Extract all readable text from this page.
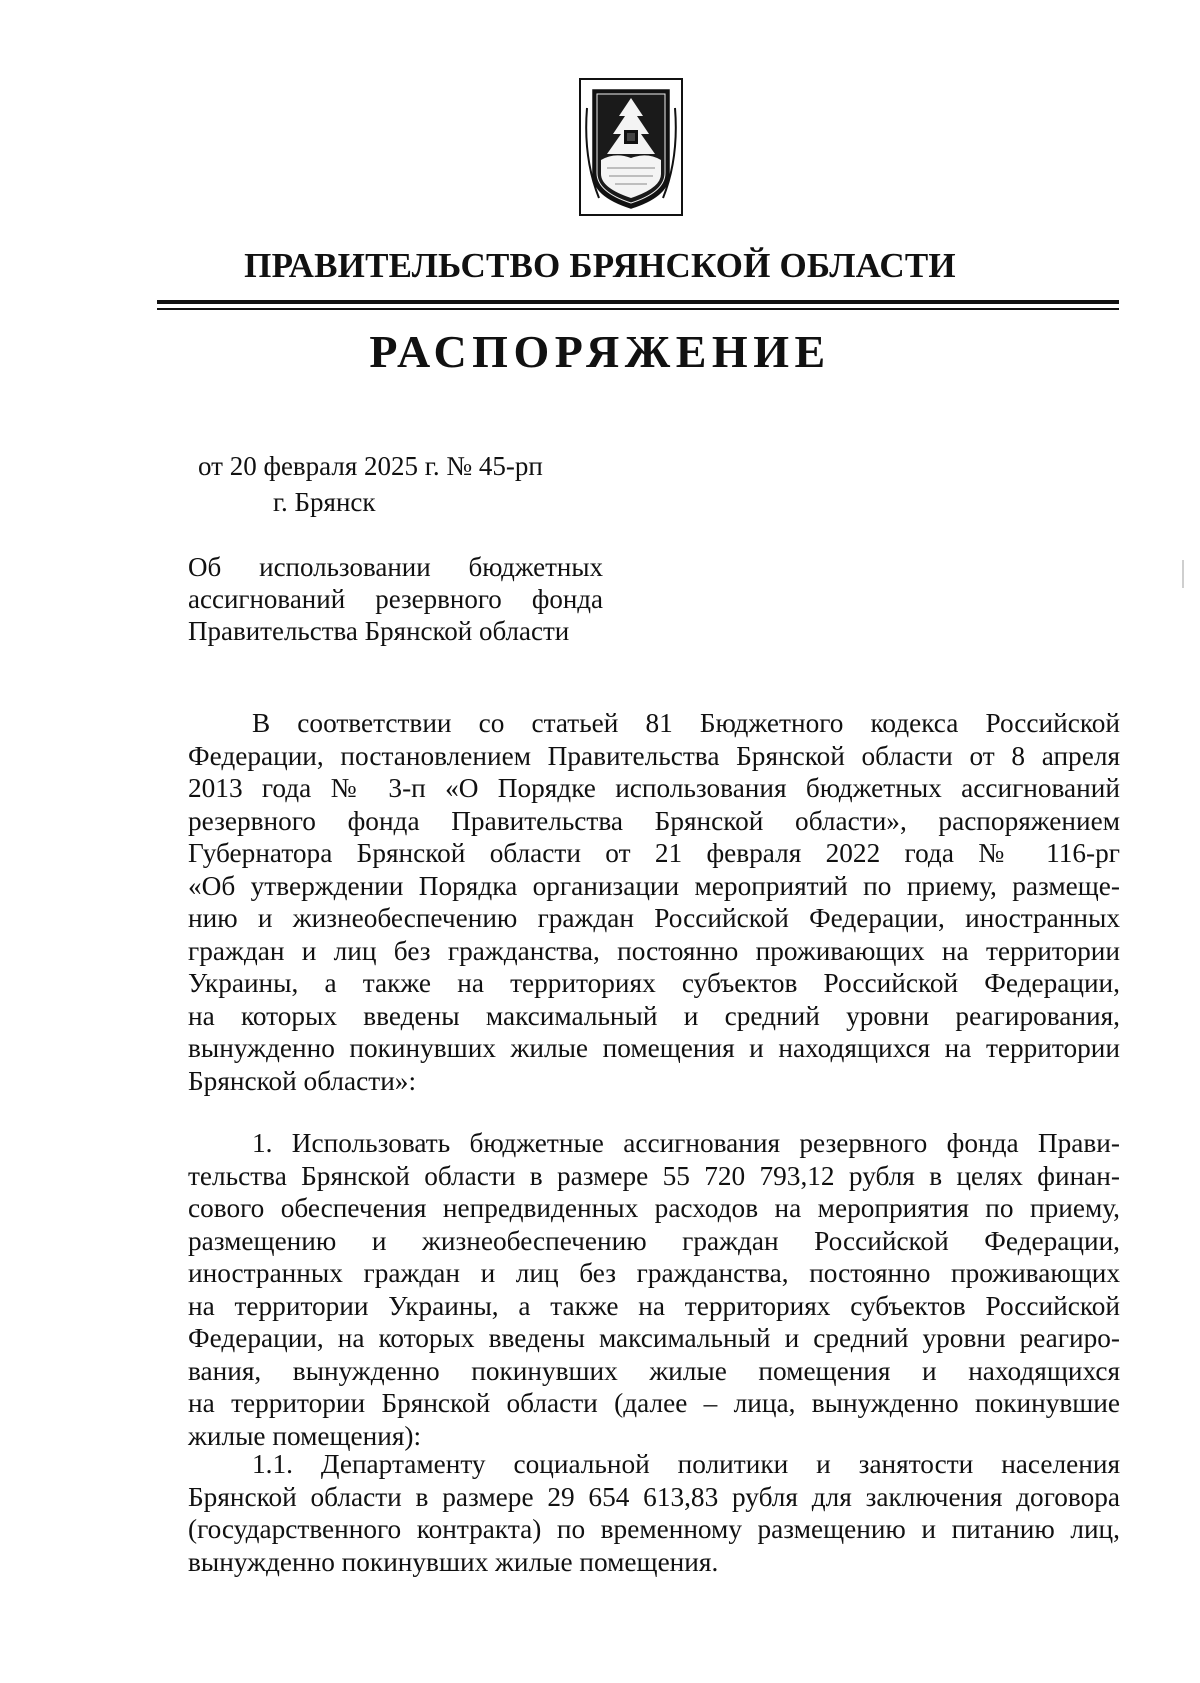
ПРАВИТЕЛЬСТВО БРЯНСКОЙ ОБЛАСТИ
РАСПОРЯЖЕНИЕ
от 20 февраля 2025 г. № 45-рп
г. Брянск
Об использовании бюджетных
ассигнований резервного фонда
Правительства Брянской области
В соответствии со статьей 81 Бюджетного кодекса Российской
Федерации, постановлением Правительства Брянской области от 8 апреля
2013 года № 3-п «О Порядке использования бюджетных ассигнований
резервного фонда Правительства Брянской области», распоряжением
Губернатора Брянской области от 21 февраля 2022 года № 116-рг
«Об утверждении Порядка организации мероприятий по приему, размеще-
нию и жизнеобеспечению граждан Российской Федерации, иностранных
граждан и лиц без гражданства, постоянно проживающих на территории
Украины, а также на территориях субъектов Российской Федерации,
на которых введены максимальный и средний уровни реагирования,
вынужденно покинувших жилые помещения и находящихся на территории
Брянской области»:
1. Использовать бюджетные ассигнования резервного фонда Прави-
тельства Брянской области в размере 55 720 793,12 рубля в целях финан-
сового обеспечения непредвиденных расходов на мероприятия по приему,
размещению и жизнеобеспечению граждан Российской Федерации,
иностранных граждан и лиц без гражданства, постоянно проживающих
на территории Украины, а также на территориях субъектов Российской
Федерации, на которых введены максимальный и средний уровни реагиро-
вания, вынужденно покинувших жилые помещения и находящихся
на территории Брянской области (далее – лица, вынужденно покинувшие
жилые помещения):
1.1. Департаменту социальной политики и занятости населения
Брянской области в размере 29 654 613,83 рубля для заключения договора
(государственного контракта) по временному размещению и питанию лиц,
вынужденно покинувших жилые помещения.
